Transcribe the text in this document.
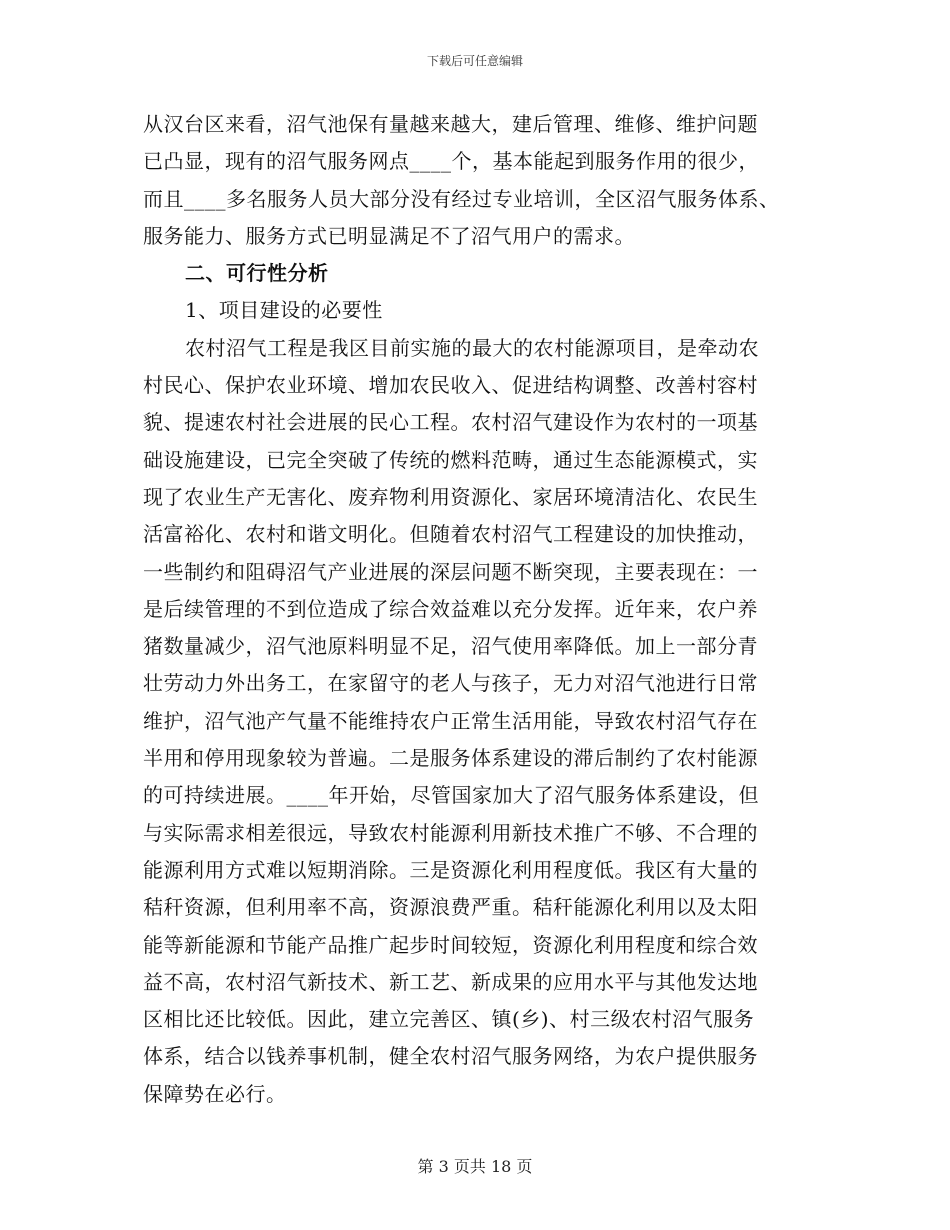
下载后可任意编辑
从汉台区来看，沼气池保有量越来越大，建后管理、维修、维护问题
已凸显，现有的沼气服务网点____个，基本能起到服务作用的很少，
而且____多名服务人员大部分没有经过专业培训，全区沼气服务体系、
服务能力、服务方式已明显满足不了沼气用户的需求。
二、可行性分析
1、项目建设的必要性
农村沼气工程是我区目前实施的最大的农村能源项目，是牵动农
村民心、保护农业环境、增加农民收入、促进结构调整、改善村容村
貌、提速农村社会进展的民心工程。农村沼气建设作为农村的一项基
础设施建设，已完全突破了传统的燃料范畴，通过生态能源模式，实
现了农业生产无害化、废弃物利用资源化、家居环境清洁化、农民生
活富裕化、农村和谐文明化。但随着农村沼气工程建设的加快推动，
一些制约和阻碍沼气产业进展的深层问题不断突现，主要表现在：一
是后续管理的不到位造成了综合效益难以充分发挥。近年来，农户养
猪数量减少，沼气池原料明显不足，沼气使用率降低。加上一部分青
壮劳动力外出务工，在家留守的老人与孩子，无力对沼气池进行日常
维护，沼气池产气量不能维持农户正常生活用能，导致农村沼气存在
半用和停用现象较为普遍。二是服务体系建设的滞后制约了农村能源
的可持续进展。____年开始，尽管国家加大了沼气服务体系建设，但
与实际需求相差很远，导致农村能源利用新技术推广不够、不合理的
能源利用方式难以短期消除。三是资源化利用程度低。我区有大量的
秸秆资源，但利用率不高，资源浪费严重。秸秆能源化利用以及太阳
能等新能源和节能产品推广起步时间较短，资源化利用程度和综合效
益不高，农村沼气新技术、新工艺、新成果的应用水平与其他发达地
区相比还比较低。因此，建立完善区、镇(乡)、村三级农村沼气服务
体系，结合以钱养事机制，健全农村沼气服务网络，为农户提供服务
保障势在必行。
第 3 页共 18 页
